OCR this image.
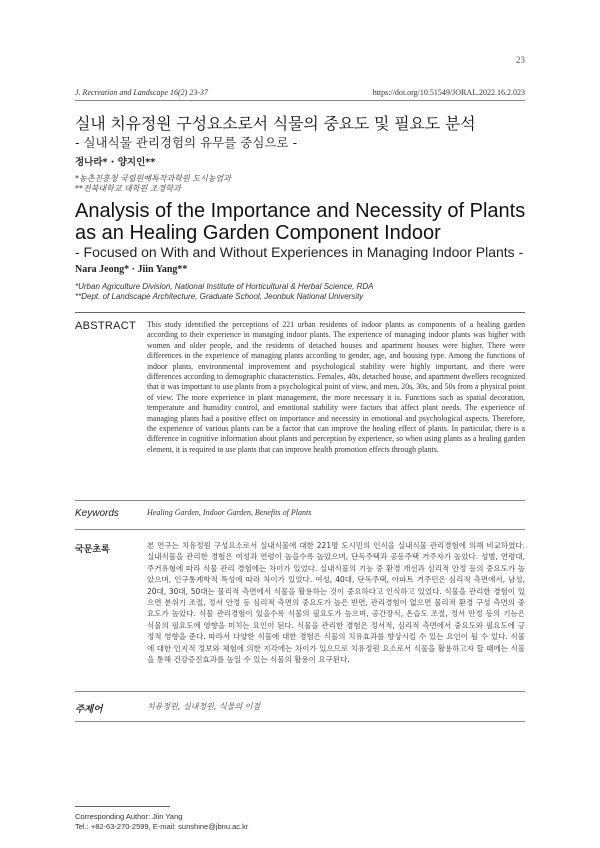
23
J. Recreation and Landscape 16(2) 23-37	https://doi.org/10.51549/JORAL.2022.16.2.023
실내 치유정원 구성요소로서 식물의 중요도 및 필요도 분석
- 실내식물 관리경험의 유무를 중심으로 -
정나라* · 양지인**
*농촌진흥청 국립원예특작과학원 도시농업과
**전북대학교 대학원 조경학과
Analysis of the Importance and Necessity of Plants as an Healing Garden Component Indoor
- Focused on With and Without Experiences in Managing Indoor Plants -
Nara Jeong* · Jiin Yang**
*Urban Agriculture Division, National Institute of Horticultural & Herbal Science, RDA
**Dept. of Landscape Architecture, Graduate School, Jeonbuk National University
ABSTRACT This study identified the perceptions of 221 urban residents of indoor plants as components of a healing garden according to their experience in managing indoor plants. The experience of managing indoor plants was higher with women and older people, and the residents of detached houses and apartment houses were higher. There were differences in the experience of managing plants according to gender, age, and housing type. Among the functions of indoor plants, environmental improvement and psychological stability were highly important, and there were differences according to demographic characteristics. Females, 40s, detached house, and apartment dwellers recognized that it was important to use plants from a psychological point of view, and men, 20s, 30s, and 50s from a physical point of view. The more experience in plant management, the more necessary it is. Functions such as spatial decoration, temperature and humidity control, and emotional stability were factors that affect plant needs. The experience of managing plants had a positive effect on importance and necessity in emotional and psychological aspects. Therefore, the experience of various plants can be a factor that can improve the healing effect of plants. In particular, there is a difference in cognitive information about plants and perception by experience, so when using plants as a healing garden element, it is required to use plants that can improve health promotion effects through plants.
Keywords	Healing Garden, Indoor Garden, Benefits of Plants
국문초록	본 연구는 치유정원 구성요소로서 실내식물에 대한 221명 도시민의 인식을 실내식물 관리경험에 의해 비교하였다. 실내식물을 관리한 경험은 여성과 연령이 높을수록 높았으며, 단독주택과 공동주택 거주자가 높았다. 성별, 연령대, 주거유형에 따라 식물 관리 경험에는 차이가 있었다. 실내식물의 기능 중 환경 개선과 심리적 안정 등의 중요도가 높았으며, 인구통계학적 특성에 따라 차이가 있었다. 여성, 40대, 단독주택, 아파트 거주민은 심리적 측면에서, 남성, 20대, 30대, 50대는 물리적 측면에서 식물을 활용하는 것이 중요하다고 인식하고 있었다. 식물을 관리한 경험이 있으면 분위기 조절, 정서 안정 등 심리적 측면의 중요도가 높은 반면, 관리경험이 없으면 물리적 환경 구성 측면의 중요도가 높았다. 식물 관리경험이 있을수록 식물의 필요도가 높으며, 공간장식, 온습도 조절, 정서 안정 등의 기능은 식물의 필요도에 영향을 미치는 요인이 된다. 식물을 관리한 경험은 정서적, 심리적 측면에서 중요도와 필요도에 긍정적 영향을 준다. 따라서 다양한 식물에 대한 경험은 식물의 치유효과를 향상시킬 수 있는 요인이 될 수 있다. 식물에 대한 인지적 정보와 체험에 의한 지각에는 차이가 있으므로 치유정원 요소로서 식물을 활용하고자 할 때에는 식물을 통해 건강증진효과를 높일 수 있는 식물의 활용이 요구된다.
주제어	치유정원, 실내정원, 식물의 이점
Corresponding Author: Jiin Yang
Tel.: +82-63-270-2599, E-mail: sunshine@jbnu.ac.kr
